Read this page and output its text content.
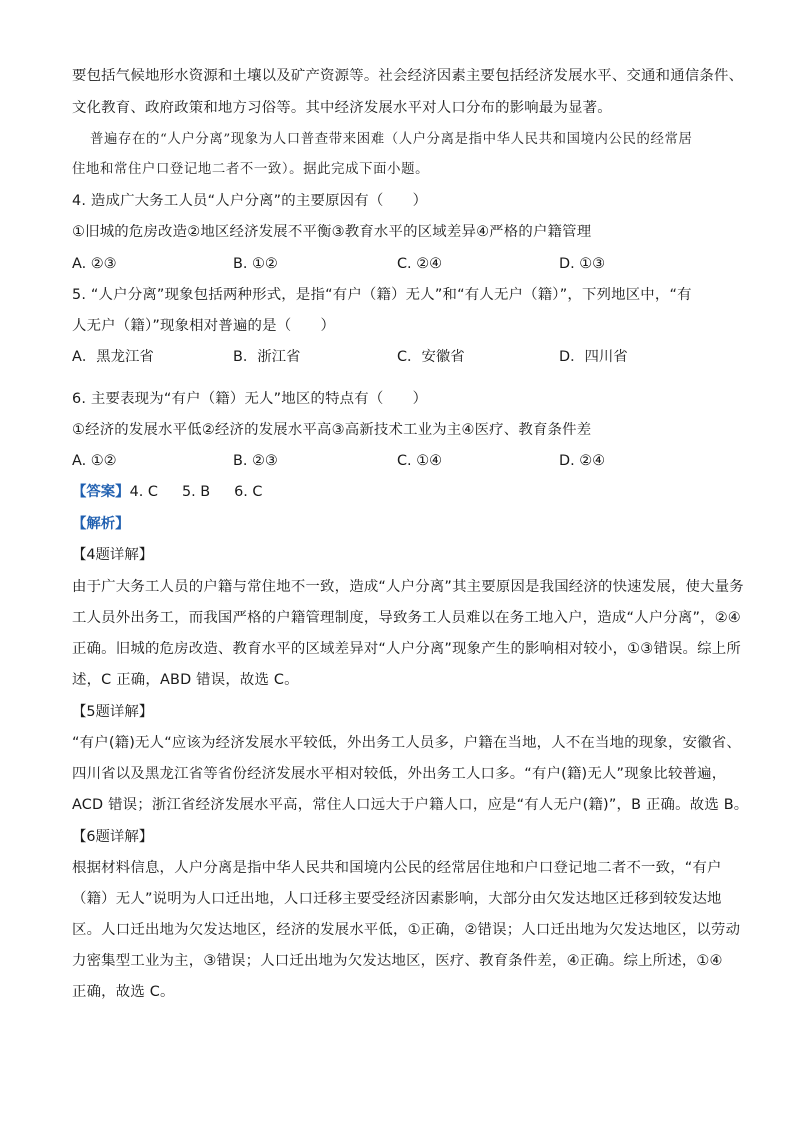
要包括气候地形水资源和土壤以及矿产资源等。社会经济因素主要包括经济发展水平、交通和通信条件、
文化教育、政府政策和地方习俗等。其中经济发展水平对人口分布的影响最为显著。
普遍存在的“人户分离”现象为人口普查带来困难（人户分离是指中华人民共和国境内公民的经常居
住地和常住户口登记地二者不一致）。据此完成下面小题。
4. 造成广大务工人员“人户分离”的主要原因有（　　）
①旧城的危房改造②地区经济发展不平衡③教育水平的区域差异④严格的户籍管理
A. ②③	B. ①②	C. ②④	D. ①③
5. “人户分离”现象包括两种形式，是指“有户（籍）无人”和“有人无户（籍）”，下列地区中，“有
人无户（籍）”现象相对普遍的是（　　）
A．黑龙江省	B．浙江省	C．安徽省	D．四川省
6. 主要表现为“有户（籍）无人”地区的特点有（　　）
①经济的发展水平低②经济的发展水平高③高新技术工业为主④医疗、教育条件差
A. ①②	B. ②③	C. ①④	D. ②④
【答案】4. C 5. B 6. C
【解析】
【4题详解】
由于广大务工人员的户籍与常住地不一致，造成“人户分离”其主要原因是我国经济的快速发展，使大量务
工人员外出务工，而我国严格的户籍管理制度，导致务工人员难以在务工地入户，造成“人户分离”，②④
正确。旧城的危房改造、教育水平的区域差异对“人户分离”现象产生的影响相对较小，①③错误。综上所
述，C 正确，ABD 错误，故选 C。
【5题详解】
“有户(籍)无人“应该为经济发展水平较低，外出务工人员多，户籍在当地，人不在当地的现象，安徽省、
四川省以及黑龙江省等省份经济发展水平相对较低，外出务工人口多。“有户(籍)无人”现象比较普遍，
ACD 错误；浙江省经济发展水平高，常住人口远大于户籍人口，应是“有人无户(籍)”，B 正确。故选 B。
【6题详解】
根据材料信息，人户分离是指中华人民共和国境内公民的经常居住地和户口登记地二者不一致，“有户
（籍）无人”说明为人口迁出地，人口迁移主要受经济因素影响，大部分由欠发达地区迁移到较发达地
区。人口迁出地为欠发达地区，经济的发展水平低，①正确，②错误；人口迁出地为欠发达地区，以劳动
力密集型工业为主，③错误；人口迁出地为欠发达地区，医疗、教育条件差，④正确。综上所述，①④
正确，故选 C。
